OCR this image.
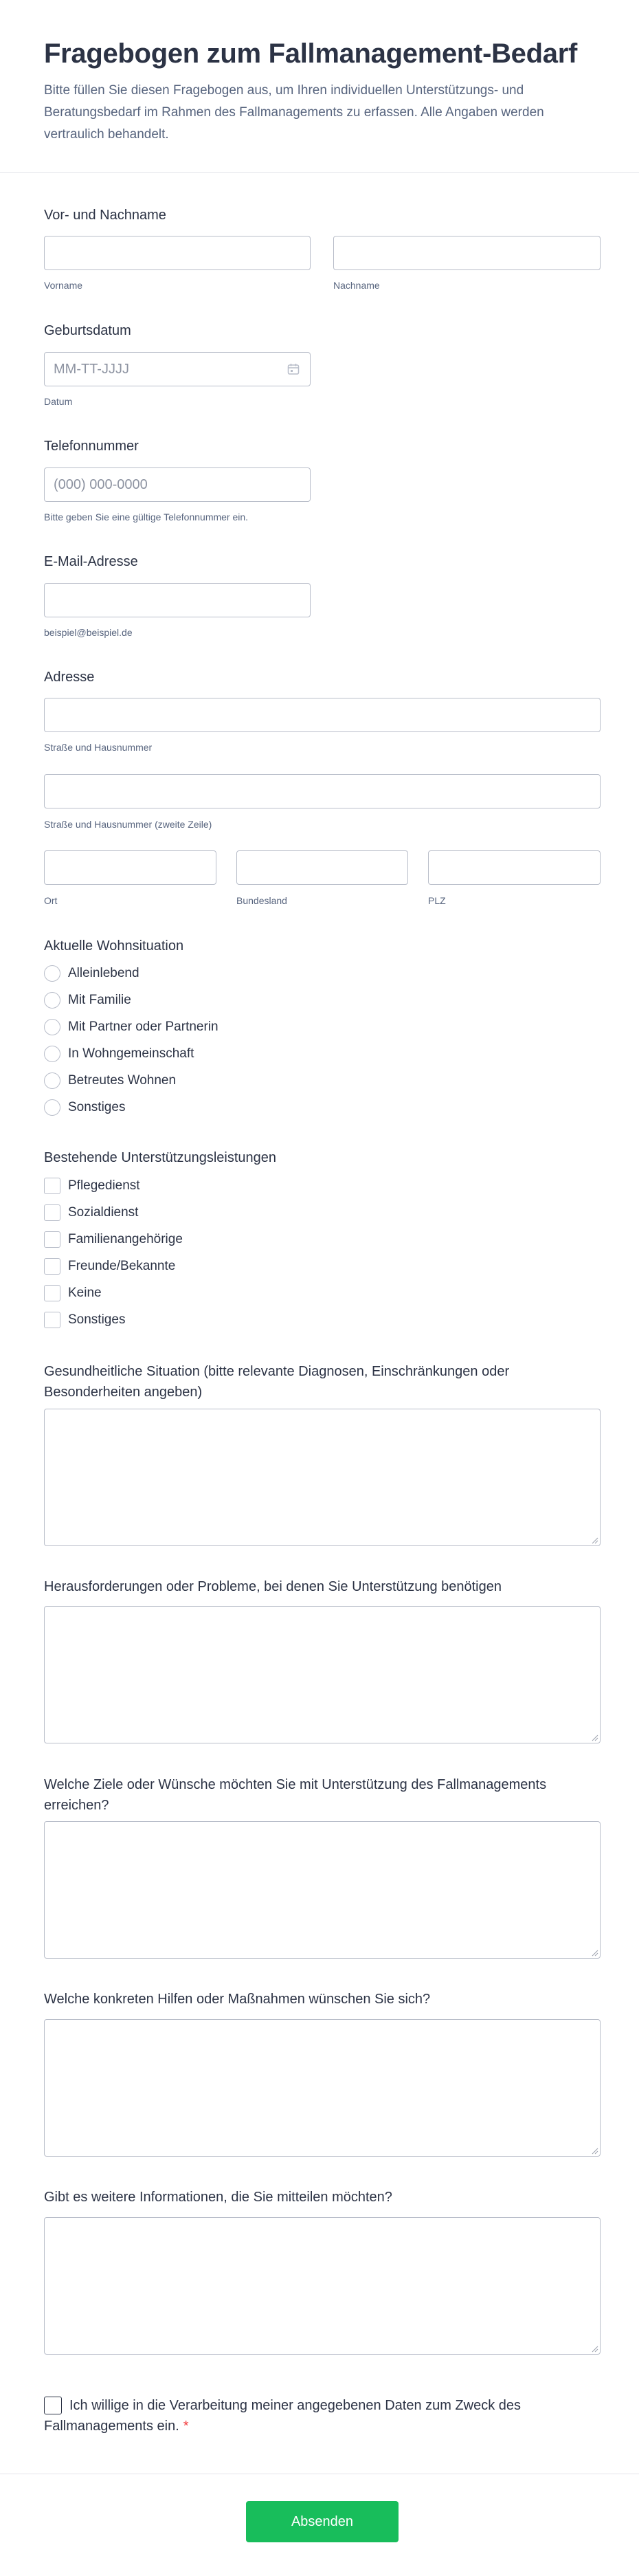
Fragebogen zum Fallmanagement-Bedarf

Bitte füllen Sie diesen Fragebogen aus, um Ihren individuellen Unterstützungs- und Beratungsbedarf im Rahmen des Fallmanagements zu erfassen. Alle Angaben werden vertraulich behandelt.

Vor- und Nachname
Vorname	Nachname
Geburtsdatum
MM-TT-JJJJ
Datum
Telefonnummer
(000) 000-0000
Bitte geben Sie eine gültige Telefonnummer ein.
E-Mail-Adresse
beispiel@beispiel.de
Adresse
Straße und Hausnummer
Straße und Hausnummer (zweite Zeile)
Ort	Bundesland	PLZ
Aktuelle Wohnsituation
Alleinlebend
Mit Familie
Mit Partner oder Partnerin
In Wohngemeinschaft
Betreutes Wohnen
Sonstiges
Bestehende Unterstützungsleistungen
Pflegedienst
Sozialdienst
Familienangehörige
Freunde/Bekannte
Keine
Sonstiges
Gesundheitliche Situation (bitte relevante Diagnosen, Einschränkungen oder Besonderheiten angeben)
Herausforderungen oder Probleme, bei denen Sie Unterstützung benötigen
Welche Ziele oder Wünsche möchten Sie mit Unterstützung des Fallmanagements erreichen?
Welche konkreten Hilfen oder Maßnahmen wünschen Sie sich?
Gibt es weitere Informationen, die Sie mitteilen möchten?
Ich willige in die Verarbeitung meiner angegebenen Daten zum Zweck des Fallmanagements ein. *
Absenden
